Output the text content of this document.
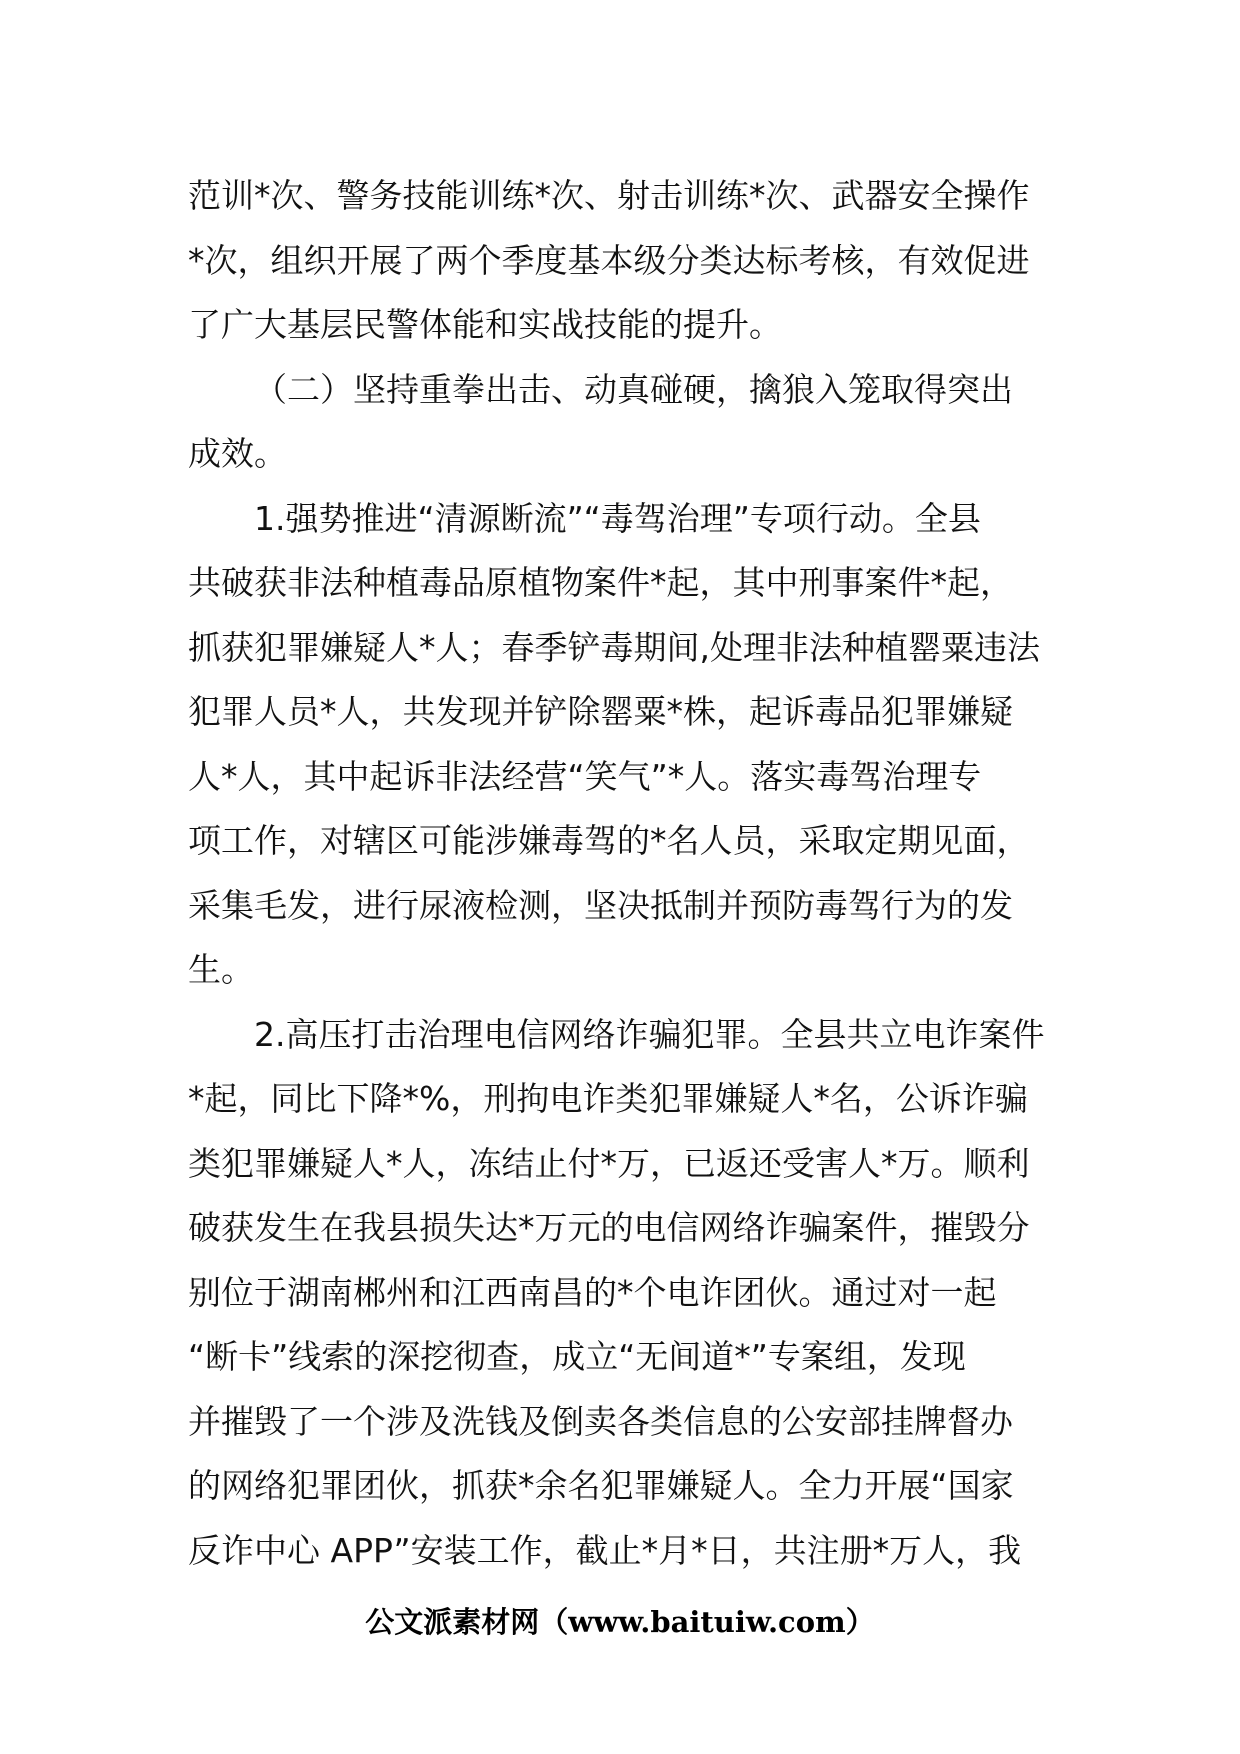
范训*次、警务技能训练*次、射击训练*次、武器安全操作
*次，组织开展了两个季度基本级分类达标考核，有效促进
了广大基层民警体能和实战技能的提升。
（二）坚持重拳出击、动真碰硬，擒狼入笼取得突出
成效。
1.强势推进“清源断流”“毒驾治理”专项行动。全县
共破获非法种植毒品原植物案件*起，其中刑事案件*起，
抓获犯罪嫌疑人*人；春季铲毒期间,处理非法种植罂粟违法
犯罪人员*人，共发现并铲除罂粟*株，起诉毒品犯罪嫌疑
人*人，其中起诉非法经营“笑气”*人。落实毒驾治理专
项工作，对辖区可能涉嫌毒驾的*名人员，采取定期见面，
采集毛发，进行尿液检测，坚决抵制并预防毒驾行为的发
生。
2.高压打击治理电信网络诈骗犯罪。全县共立电诈案件
*起，同比下降*%，刑拘电诈类犯罪嫌疑人*名，公诉诈骗
类犯罪嫌疑人*人，冻结止付*万，已返还受害人*万。顺利
破获发生在我县损失达*万元的电信网络诈骗案件，摧毁分
别位于湖南郴州和江西南昌的*个电诈团伙。通过对一起
“断卡”线索的深挖彻查，成立“无间道*”专案组，发现
并摧毁了一个涉及洗钱及倒卖各类信息的公安部挂牌督办
的网络犯罪团伙，抓获*余名犯罪嫌疑人。全力开展“国家
反诈中心 APP”安装工作，截止*月*日，共注册*万人，我
公文派素材网（www.baituiw.com）
